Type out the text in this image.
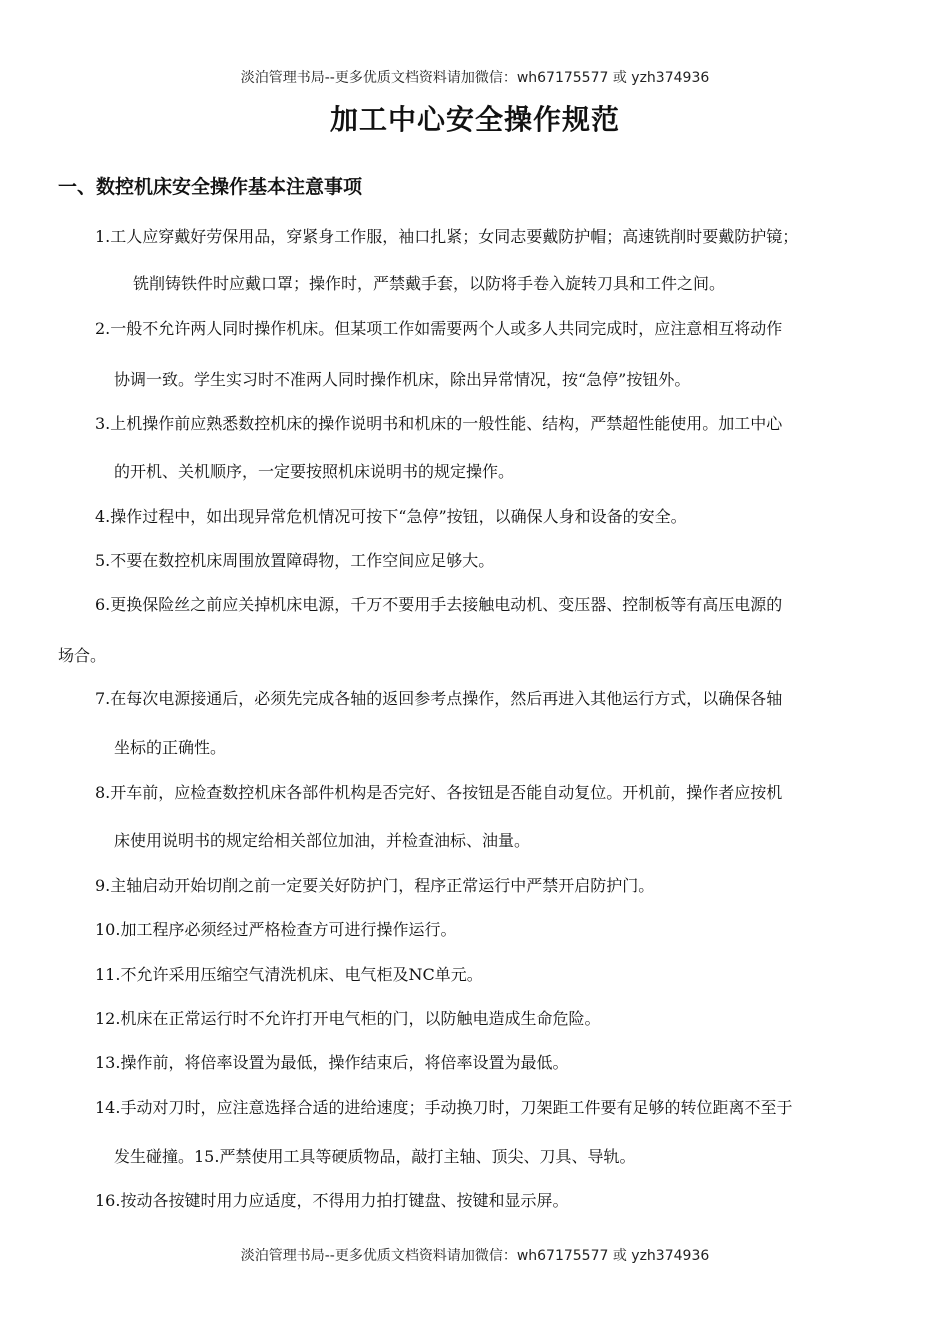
淡泊管理书局--更多优质文档资料请加微信：wh67175577 或 yzh374936
加工中心安全操作规范
一、数控机床安全操作基本注意事项
1.工人应穿戴好劳保用品，穿紧身工作服，袖口扎紧；女同志要戴防护帽；高速铣削时要戴防护镜；
铣削铸铁件时应戴口罩；操作时，严禁戴手套，以防将手卷入旋转刀具和工件之间。
2.一般不允许两人同时操作机床。但某项工作如需要两个人或多人共同完成时，应注意相互将动作
协调一致。学生实习时不准两人同时操作机床，除出异常情况，按“急停”按钮外。
3.上机操作前应熟悉数控机床的操作说明书和机床的一般性能、结构，严禁超性能使用。加工中心
的开机、关机顺序，一定要按照机床说明书的规定操作。
4.操作过程中，如出现异常危机情况可按下“急停”按钮，以确保人身和设备的安全。
5.不要在数控机床周围放置障碍物，工作空间应足够大。
6.更换保险丝之前应关掉机床电源，千万不要用手去接触电动机、变压器、控制板等有高压电源的
场合。
7.在每次电源接通后，必须先完成各轴的返回参考点操作，然后再进入其他运行方式，以确保各轴
坐标的正确性。
8.开车前，应检查数控机床各部件机构是否完好、各按钮是否能自动复位。开机前，操作者应按机
床使用说明书的规定给相关部位加油，并检查油标、油量。
9.主轴启动开始切削之前一定要关好防护门，程序正常运行中严禁开启防护门。
10.加工程序必须经过严格检查方可进行操作运行。
11.不允许采用压缩空气清洗机床、电气柜及NC单元。
12.机床在正常运行时不允许打开电气柜的门，以防触电造成生命危险。
13.操作前，将倍率设置为最低，操作结束后，将倍率设置为最低。
14.手动对刀时，应注意选择合适的进给速度；手动换刀时，刀架距工件要有足够的转位距离不至于
发生碰撞。15.严禁使用工具等硬质物品，敲打主轴、顶尖、刀具、导轨。
16.按动各按键时用力应适度，不得用力拍打键盘、按键和显示屏。
淡泊管理书局--更多优质文档资料请加微信：wh67175577 或 yzh374936
